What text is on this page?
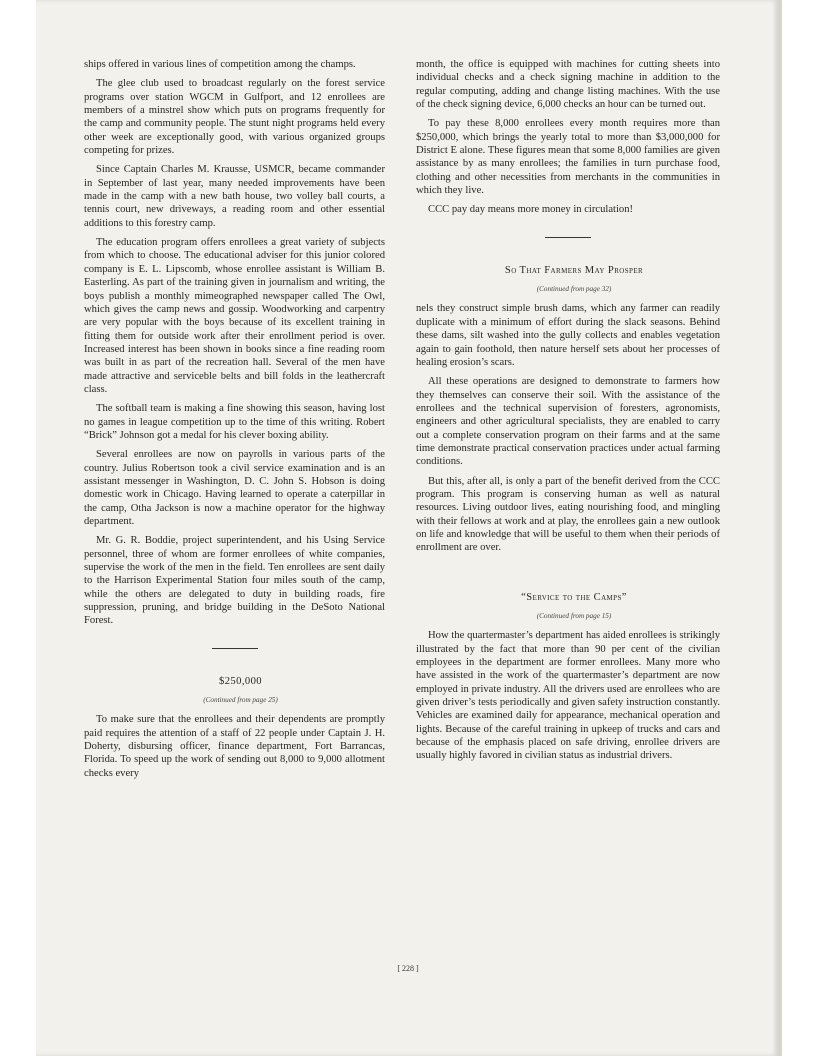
ships offered in various lines of competition among the champs.

The glee club used to broadcast regularly on the forest service programs over station WGCM in Gulfport, and 12 enrollees are members of a minstrel show which puts on programs frequently for the camp and community people. The stunt night programs held every other week are exceptionally good, with various organized groups competing for prizes.

Since Captain Charles M. Krausse, USMCR, became commander in September of last year, many needed improvements have been made in the camp with a new bath house, two volley ball courts, a tennis court, new driveways, a reading room and other essential additions to this forestry camp.

The education program offers enrollees a great variety of subjects from which to choose. The educational adviser for this junior colored company is E. L. Lipscomb, whose enrollee assistant is William B. Easterling. As part of the training given in journalism and writing, the boys publish a monthly mimeographed newspaper called The Owl, which gives the camp news and gossip. Woodworking and carpentry are very popular with the boys because of its excellent training in fitting them for outside work after their enrollment period is over. Increased interest has been shown in books since a fine reading room was built in as part of the recreation hall. Several of the men have made attractive and serviceble belts and bill folds in the leathercraft class.

The softball team is making a fine showing this season, having lost no games in league competition up to the time of this writing. Robert “Brick” Johnson got a medal for his clever boxing ability.

Several enrollees are now on payrolls in various parts of the country. Julius Robertson took a civil service examination and is an assistant messenger in Washington, D. C. John S. Hobson is doing domestic work in Chicago. Having learned to operate a caterpillar in the camp, Otha Jackson is now a machine operator for the highway department.

Mr. G. R. Boddie, project superintendent, and his Using Service personnel, three of whom are former enrollees of white companies, supervise the work of the men in the field. Ten enrollees are sent daily to the Harrison Experimental Station four miles south of the camp, while the others are delegated to duty in building roads, fire suppression, pruning, and bridge building in the DeSoto National Forest.

$250,000

(Continued from page 25)

To make sure that the enrollees and their dependents are promptly paid requires the attention of a staff of 22 people under Captain J. H. Doherty, disbursing officer, finance department, Fort Barrancas, Florida. To speed up the work of sending out 8,000 to 9,000 allotment checks every

month, the office is equipped with machines for cutting sheets into individual checks and a check signing machine in addition to the regular computing, adding and change listing machines. With the use of the check signing device, 6,000 checks an hour can be turned out.

To pay these 8,000 enrollees every month requires more than $250,000, which brings the yearly total to more than $3,000,000 for District E alone. These figures mean that some 8,000 families are given assistance by as many enrollees; the families in turn purchase food, clothing and other necessities from merchants in the communities in which they live.

CCC pay day means more money in circulation!

So That Farmers May Prosper

(Continued from page 32)

nels they construct simple brush dams, which any farmer can readily duplicate with a minimum of effort during the slack seasons. Behind these dams, silt washed into the gully collects and enables vegetation again to gain foothold, then nature herself sets about her processes of healing erosion’s scars.

All these operations are designed to demonstrate to farmers how they themselves can conserve their soil. With the assistance of the enrollees and the technical supervision of foresters, agronomists, engineers and other agricultural specialists, they are enabled to carry out a complete conservation program on their farms and at the same time demonstrate practical conservation practices under actual farming conditions.

But this, after all, is only a part of the benefit derived from the CCC program. This program is conserving human as well as natural resources. Living outdoor lives, eating nourishing food, and mingling with their fellows at work and at play, the enrollees gain a new outlook on life and knowledge that will be useful to them when their periods of enrollment are over.

“Service to the Camps”

(Continued from page 15)

How the quartermaster’s department has aided enrollees is strikingly illustrated by the fact that more than 90 per cent of the civilian employees in the department are former enrollees. Many more who have assisted in the work of the quartermaster’s department are now employed in private industry. All the drivers used are enrollees who are given driver’s tests periodically and given safety instruction constantly. Vehicles are examined daily for appearance, mechanical operation and lights. Because of the careful training in upkeep of trucks and cars and because of the emphasis placed on safe driving, enrollee drivers are usually highly favored in civilian status as industrial drivers.

[ 228 ]
